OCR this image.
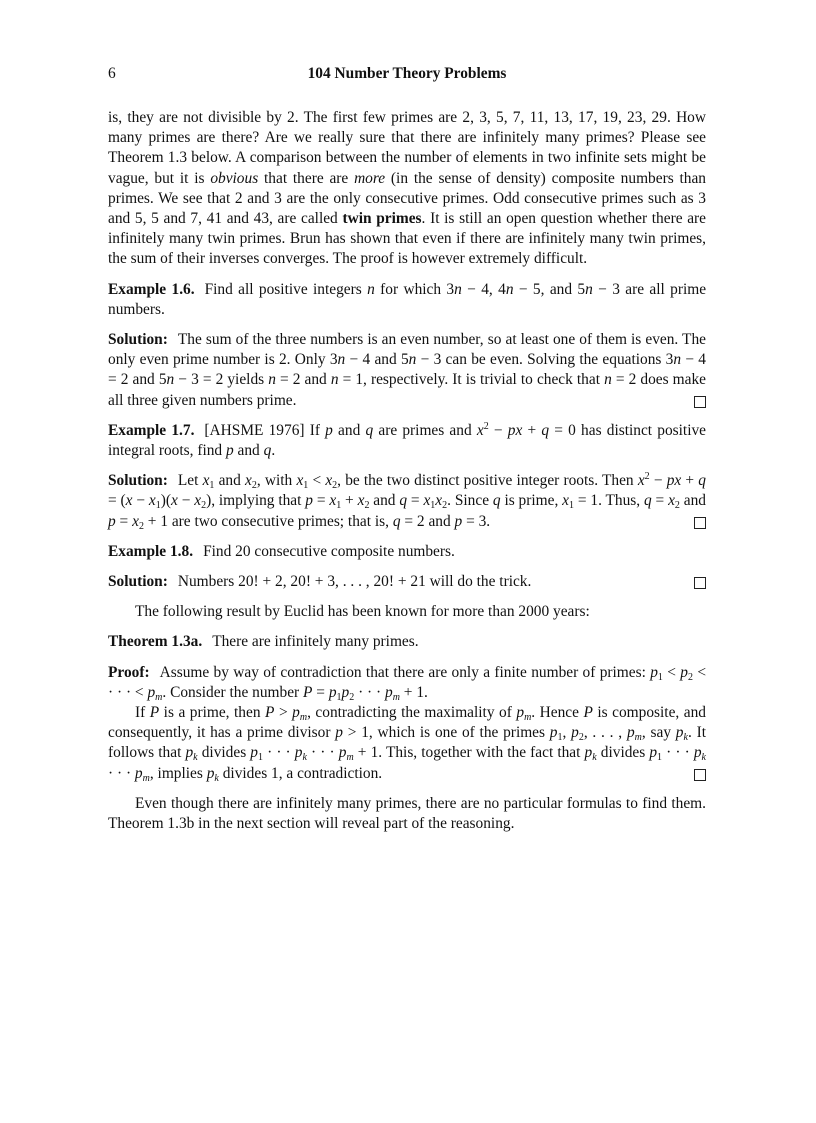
6	104 Number Theory Problems

is, they are not divisible by 2. The first few primes are 2, 3, 5, 7, 11, 13, 17, 19, 23, 29. How many primes are there? Are we really sure that there are infinitely many primes? Please see Theorem 1.3 below. A comparison between the number of elements in two infinite sets might be vague, but it is obvious that there are more (in the sense of density) composite numbers than primes. We see that 2 and 3 are the only consecutive primes. Odd consecutive primes such as 3 and 5, 5 and 7, 41 and 43, are called twin primes. It is still an open question whether there are infinitely many twin primes. Brun has shown that even if there are infinitely many twin primes, the sum of their inverses converges. The proof is however extremely difficult.

Example 1.6. Find all positive integers n for which 3n − 4, 4n − 5, and 5n − 3 are all prime numbers.

Solution: The sum of the three numbers is an even number, so at least one of them is even. The only even prime number is 2. Only 3n − 4 and 5n − 3 can be even. Solving the equations 3n − 4 = 2 and 5n − 3 = 2 yields n = 2 and n = 1, respectively. It is trivial to check that n = 2 does make all three given numbers prime.

Example 1.7. [AHSME 1976] If p and q are primes and $x^2$ − px + q = 0 has distinct positive integral roots, find p and q.

Solution: Let $x_1$ and $x_2$, with $x_1 < x_2$, be the two distinct positive integer roots. Then $x^2$ − px + $q = (x - x_1)(x - x_2)$, implying that $p = x_1 + x_2$ and $q = x_1x_2$. Since q is prime, $x_1 = 1$. Thus, $q = x_2$ and $p = x_2 + 1$ are two consecutive primes; that is, q = 2 and p = 3.

Example 1.8. Find 20 consecutive composite numbers.

Solution: Numbers 20! + 2, 20! + 3, . . . , 20! + 21 will do the trick.

The following result by Euclid has been known for more than 2000 years:

Theorem 1.3a. There are infinitely many primes.

Proof: Assume by way of contradiction that there are only a finite number of primes: $p_1 < p_2$ < · · · < $p_m$. Consider the number $P = p_1p_2$ · · · $p_m + 1$.

If P is a prime, then $P > p_m$, contradicting the maximality of $p_m$. Hence P is composite, and consequently, it has a prime divisor p > 1, which is one of the primes $p_1$, $p_2$, . . . , $p_m$, say $p_k$. It follows that $p_k$ divides $p_1$ · · · $p_k$ · · · $p_m + 1$. This, together with the fact that $p_k$ divides $p_1$ · · · $p_k$ · · · $p_m$, implies $p_k$ divides 1, a contradiction.

Even though there are infinitely many primes, there are no particular formulas to find them. Theorem 1.3b in the next section will reveal part of the reasoning.
